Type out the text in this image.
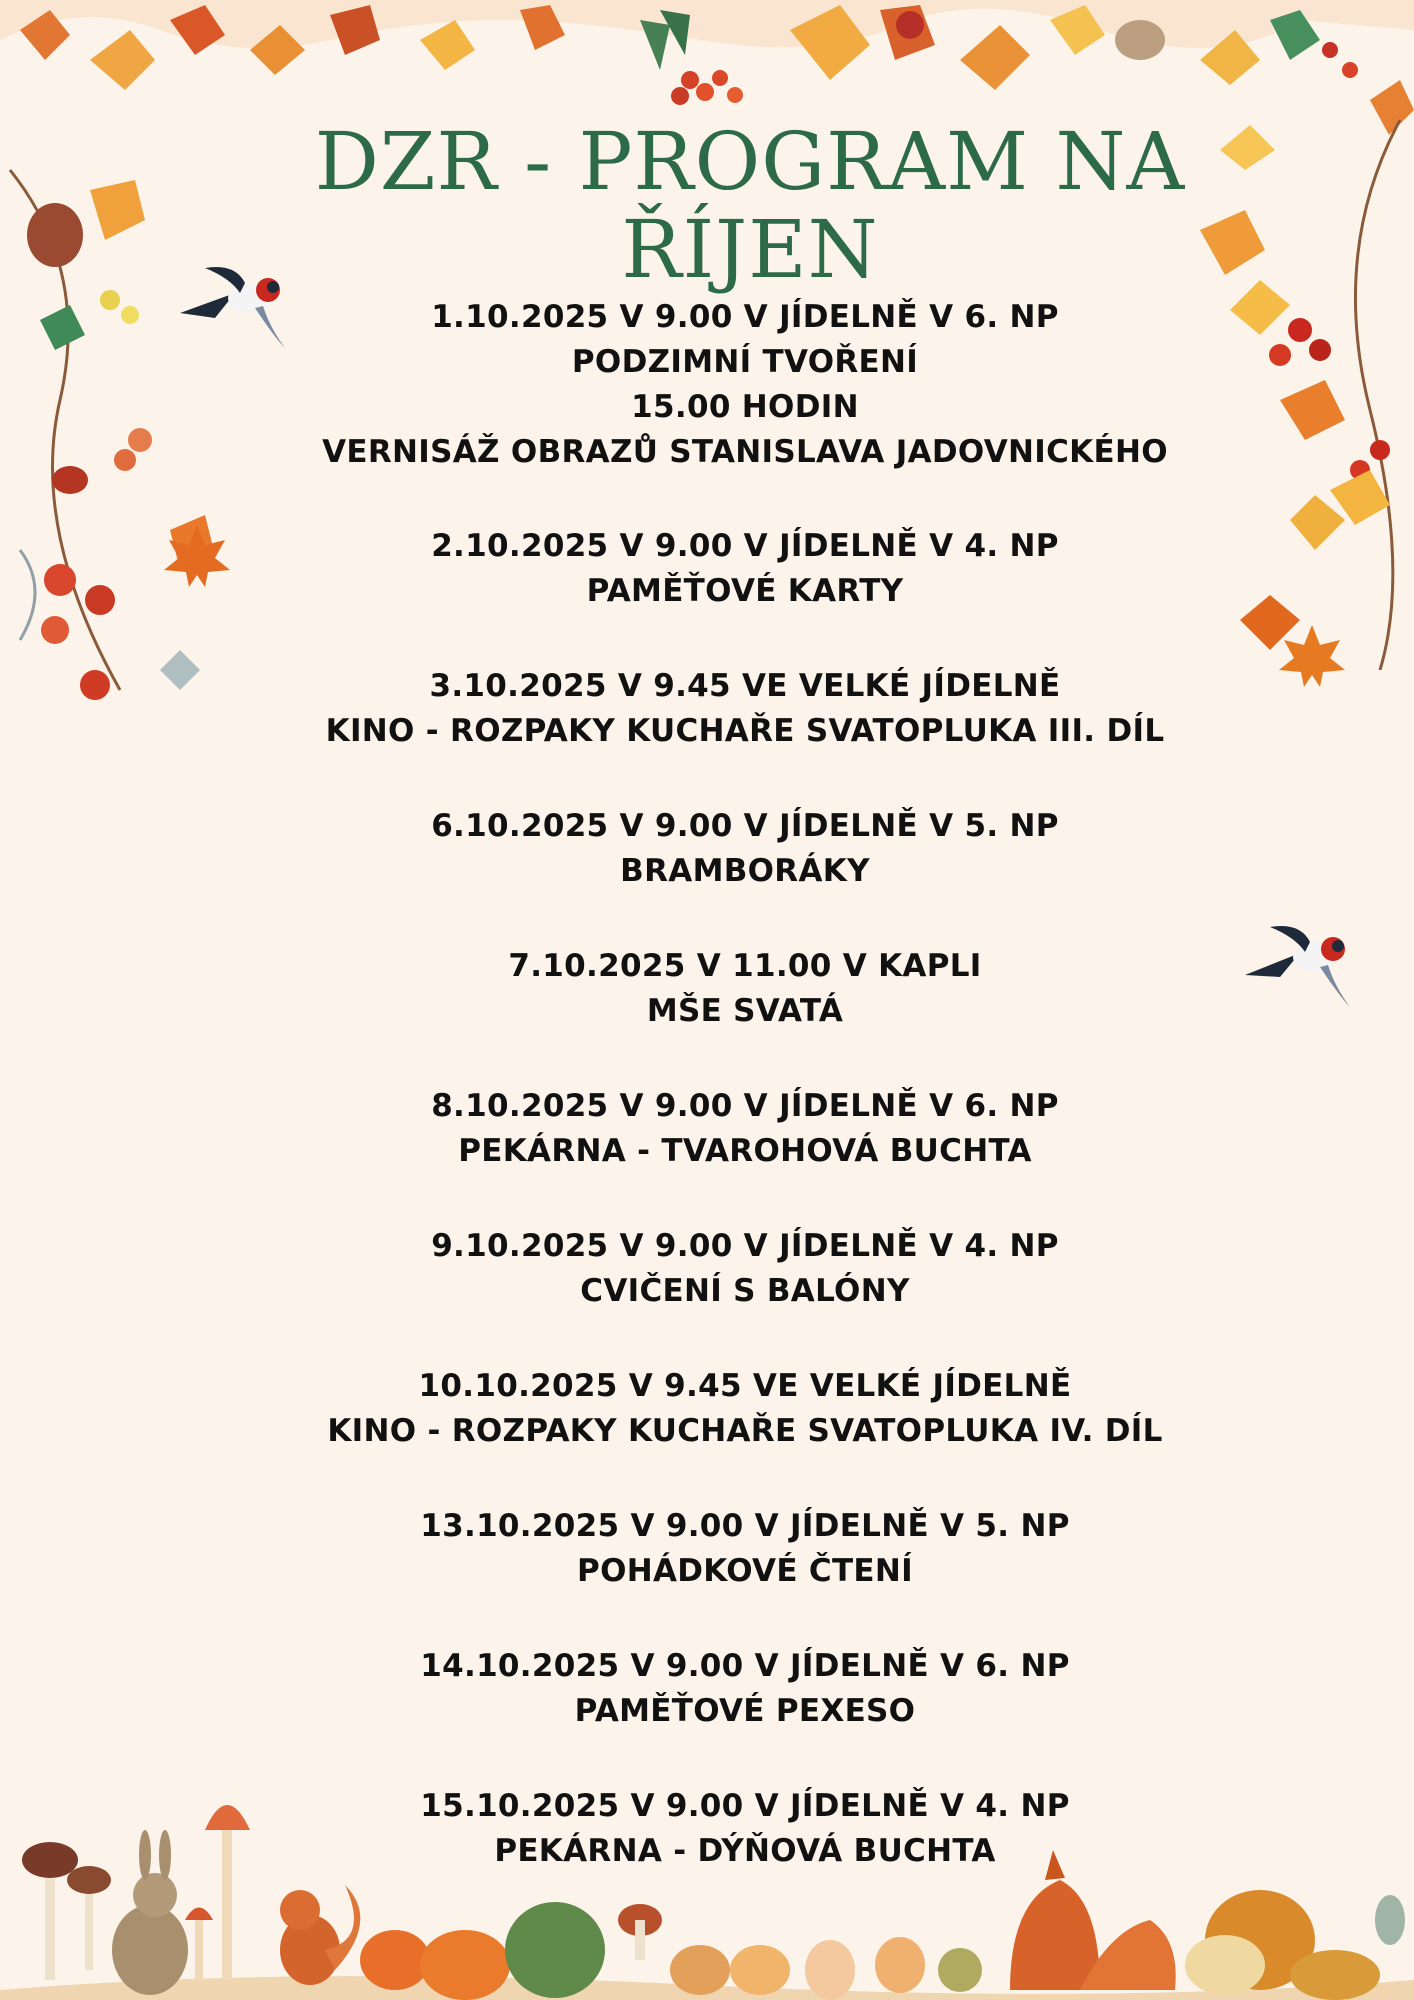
DZR - PROGRAM NA
ŘÍJEN
1.10.2025 V 9.00 V JÍDELNĚ V 6. NP
PODZIMNÍ TVOŘENÍ
15.00 HODIN
VERNISÁŽ OBRAZŮ STANISLAVA JADOVNICKÉHO
2.10.2025 V 9.00 V JÍDELNĚ V 4. NP
PAMĚŤOVÉ KARTY
3.10.2025 V 9.45 VE VELKÉ JÍDELNĚ
KINO - ROZPAKY KUCHAŘE SVATOPLUKA III. DÍL
6.10.2025 V 9.00 V JÍDELNĚ V 5. NP
BRAMBORÁKY
7.10.2025 V 11.00 V KAPLI
MŠE SVATÁ
8.10.2025 V 9.00 V JÍDELNĚ V 6. NP
PEKÁRNA - TVAROHOVÁ BUCHTA
9.10.2025 V 9.00 V JÍDELNĚ V 4. NP
CVIČENÍ S BALÓNY
10.10.2025 V 9.45 VE VELKÉ JÍDELNĚ
KINO - ROZPAKY KUCHAŘE SVATOPLUKA IV. DÍL
13.10.2025 V 9.00 V JÍDELNĚ V 5. NP
POHÁDKOVÉ ČTENÍ
14.10.2025 V 9.00 V JÍDELNĚ V 6. NP
PAMĚŤOVÉ PEXESO
15.10.2025 V 9.00 V JÍDELNĚ V 4. NP
PEKÁRNA - DÝŇOVÁ BUCHTA
